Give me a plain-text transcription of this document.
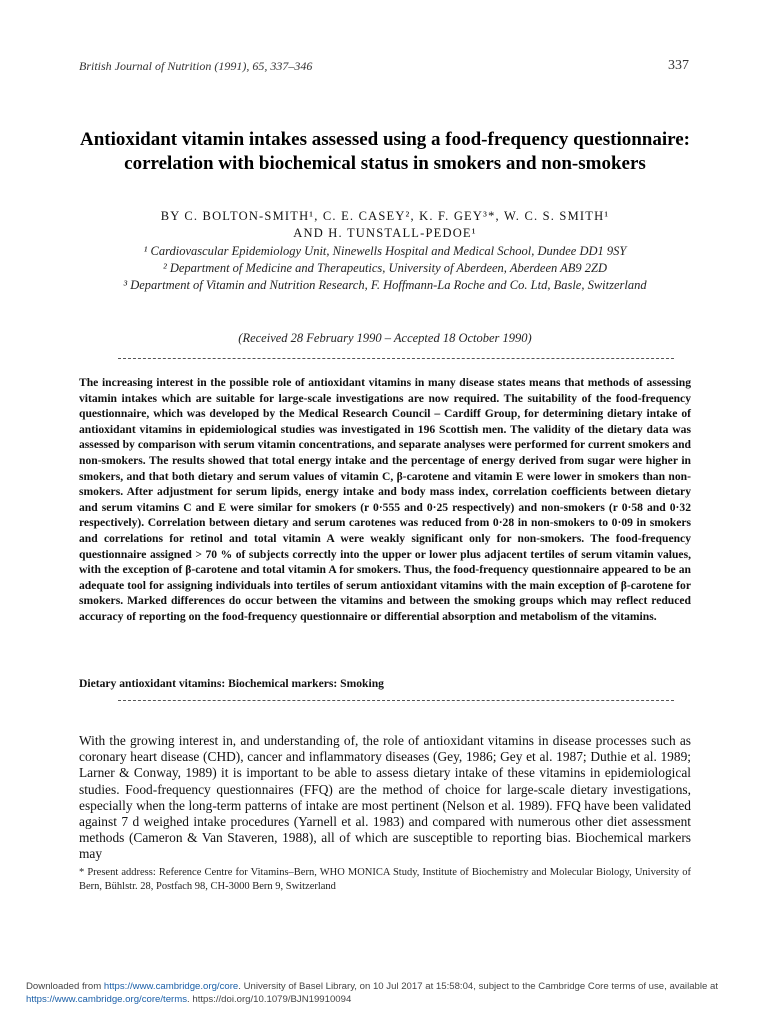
British Journal of Nutrition (1991), 65, 337–346	337
Antioxidant vitamin intakes assessed using a food-frequency questionnaire: correlation with biochemical status in smokers and non-smokers
BY C. BOLTON-SMITH¹, C. E. CASEY², K. F. GEY³*, W. C. S. SMITH¹
AND H. TUNSTALL-PEDOE¹
¹ Cardiovascular Epidemiology Unit, Ninewells Hospital and Medical School, Dundee DD1 9SY
² Department of Medicine and Therapeutics, University of Aberdeen, Aberdeen AB9 2ZD
³ Department of Vitamin and Nutrition Research, F. Hoffmann-La Roche and Co. Ltd, Basle, Switzerland
(Received 28 February 1990 – Accepted 18 October 1990)
The increasing interest in the possible role of antioxidant vitamins in many disease states means that methods of assessing vitamin intakes which are suitable for large-scale investigations are now required. The suitability of the food-frequency questionnaire, which was developed by the Medical Research Council – Cardiff Group, for determining dietary intake of antioxidant vitamins in epidemiological studies was investigated in 196 Scottish men. The validity of the dietary data was assessed by comparison with serum vitamin concentrations, and separate analyses were performed for current smokers and non-smokers. The results showed that total energy intake and the percentage of energy derived from sugar were higher in smokers, and that both dietary and serum values of vitamin C, β-carotene and vitamin E were lower in smokers than non-smokers. After adjustment for serum lipids, energy intake and body mass index, correlation coefficients between dietary and serum vitamins C and E were similar for smokers (r 0·555 and 0·25 respectively) and non-smokers (r 0·58 and 0·32 respectively). Correlation between dietary and serum carotenes was reduced from 0·28 in non-smokers to 0·09 in smokers and correlations for retinol and total vitamin A were weakly significant only for non-smokers. The food-frequency questionnaire assigned > 70 % of subjects correctly into the upper or lower plus adjacent tertiles of serum vitamin values, with the exception of β-carotene and total vitamin A for smokers. Thus, the food-frequency questionnaire appeared to be an adequate tool for assigning individuals into tertiles of serum antioxidant vitamins with the main exception of β-carotene for smokers. Marked differences do occur between the vitamins and between the smoking groups which may reflect reduced accuracy of reporting on the food-frequency questionnaire or differential absorption and metabolism of the vitamins.
Dietary antioxidant vitamins: Biochemical markers: Smoking

With the growing interest in, and understanding of, the role of antioxidant vitamins in disease processes such as coronary heart disease (CHD), cancer and inflammatory diseases (Gey, 1986; Gey et al. 1987; Duthie et al. 1989; Larner & Conway, 1989) it is important to be able to assess dietary intake of these vitamins in epidemiological studies. Food-frequency questionnaires (FFQ) are the method of choice for large-scale dietary investigations, especially when the long-term patterns of intake are most pertinent (Nelson et al. 1989). FFQ have been validated against 7 d weighed intake procedures (Yarnell et al. 1983) and compared with numerous other diet assessment methods (Cameron & Van Staveren, 1988), all of which are susceptible to reporting bias. Biochemical markers may

* Present address: Reference Centre for Vitamins–Bern, WHO MONICA Study, Institute of Biochemistry and Molecular Biology, University of Bern, Bühlstr. 28, Postfach 98, CH-3000 Bern 9, Switzerland
Downloaded from https://www.cambridge.org/core. University of Basel Library, on 10 Jul 2017 at 15:58:04, subject to the Cambridge Core terms of use, available at https://www.cambridge.org/core/terms. https://doi.org/10.1079/BJN19910094
